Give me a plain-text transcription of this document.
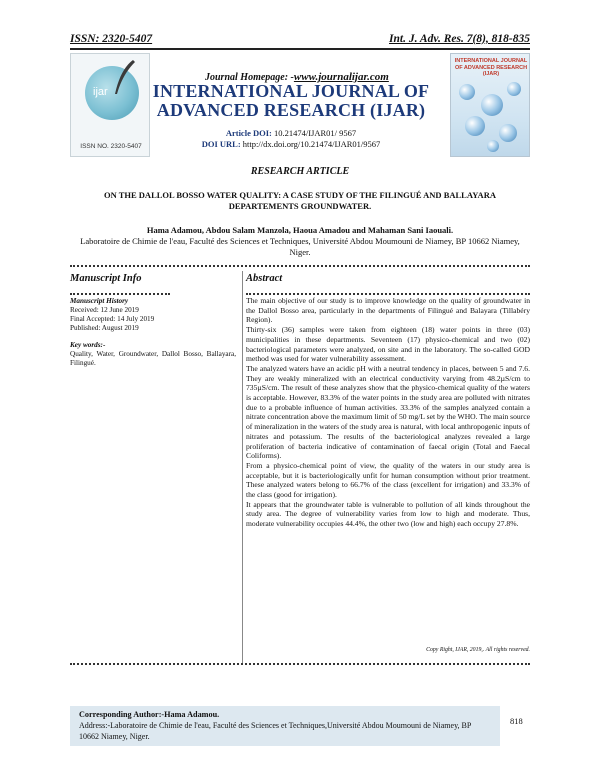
ISSN: 2320-5407	Int. J. Adv. Res. 7(8), 818-835
ijar
ISSN NO. 2320-5407
Journal Homepage: -www.journalijar.com
INTERNATIONAL JOURNAL OF ADVANCED RESEARCH (IJAR)
Article DOI: 10.21474/IJAR01/ 9567
DOI URL: http://dx.doi.org/10.21474/IJAR01/9567
INTERNATIONAL JOURNAL OF ADVANCED RESEARCH (IJAR)
RESEARCH ARTICLE
ON THE DALLOL BOSSO WATER QUALITY: A CASE STUDY OF THE FILINGUÉ AND BALLAYARA DEPARTEMENTS GROUNDWATER.
Hama Adamou, Abdou Salam Manzola, Haoua Amadou and Mahaman Sani Iaouali.
Laboratoire de Chimie de l'eau, Faculté des Sciences et Techniques, Université Abdou Moumouni de Niamey, BP 10662 Niamey, Niger.
Manuscript Info	Abstract
Manuscript History
Received: 12 June 2019
Final Accepted: 14 July 2019
Published: August 2019
Key words:-
Quality, Water, Groundwater, Dallol Bosso, Ballayara, Filingué.

The main objective of our study is to improve knowledge on the quality of groundwater in the Dallol Bosso area, particularly in the departments of Filingué and Balayara (Tillabéry Region).

Thirty-six (36) samples were taken from eighteen (18) water points in three (03) municipalities in these departments. Seventeen (17) physico-chemical and two (02) bacteriological parameters were analyzed, on site and in the laboratory. The so-called GOD method was used for water vulnerability assessment.

The analyzed waters have an acidic pH with a neutral tendency in places, between 5 and 7.6. They are weakly mineralized with an electrical conductivity varying from 48.2µS/cm to 735µS/cm. The result of these analyzes show that the physico-chemical quality of the waters is acceptable. However, 83.3% of the water points in the study area are polluted with nitrates due to a probable influence of human activities. 33.3% of the samples analyzed contain a nitrate concentration above the maximum limit of 50 mg/L set by the WHO. The main source of mineralization in the waters of the study area is natural, with local anthropogenic inputs of nitrates and potassium. The results of the bacteriological analyzes revealed a large proliferation of bacteria indicative of contamination of faecal origin (Total and Faecal Coliforms).

From a physico-chemical point of view, the quality of the waters in our study area is acceptable, but it is bacteriologically unfit for human consumption without prior treatment. These analyzed waters belong to 66.7% of the class (excellent for irrigation) and 33.3% of the class (good for irrigation).

It appears that the groundwater table is vulnerable to pollution of all kinds throughout the study area. The degree of vulnerability varies from low to high and moderate. Thus, moderate vulnerability occupies 44.4%, the other two (low and high) each occupy 27.8%.

Copy Right, IJAR, 2019,. All rights reserved.
Corresponding Author:-Hama Adamou.
Address:-Laboratoire de Chimie de l'eau, Faculté des Sciences et Techniques,Université Abdou Moumouni de Niamey, BP 10662 Niamey, Niger.
818
